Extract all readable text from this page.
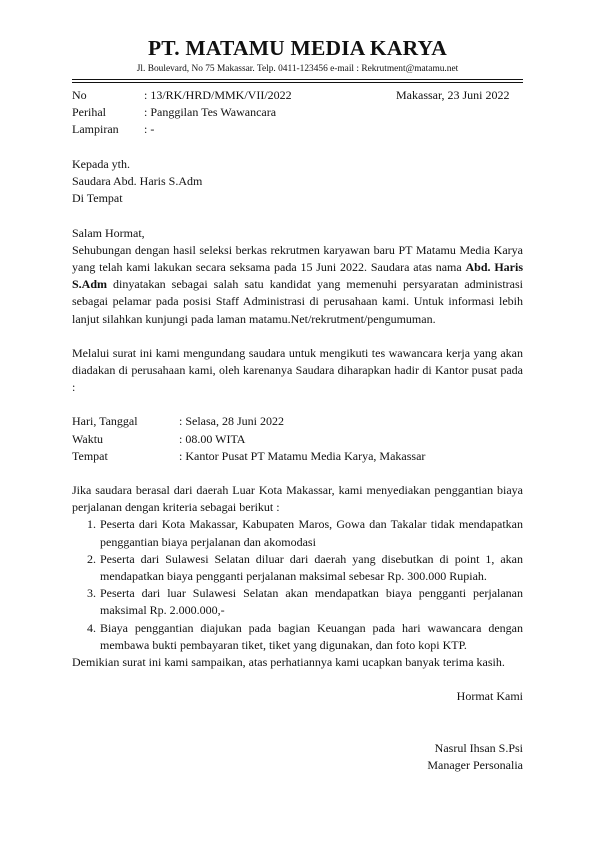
PT. MATAMU MEDIA KARYA
Jl. Boulevard, No 75 Makassar. Telp. 0411-123456 e-mail : Rekrutment@matamu.net
No	: 13/RK/HRD/MMK/VII/2022	Makassar, 23 Juni 2022
Perihal	: Panggilan Tes Wawancara
Lampiran	: -
Kepada yth.
Saudara Abd. Haris S.Adm
Di Tempat
Salam Hormat,
Sehubungan dengan hasil seleksi berkas rekrutmen karyawan baru PT Matamu Media Karya yang telah kami lakukan secara seksama pada 15 Juni 2022. Saudara atas nama Abd. Haris S.Adm dinyatakan sebagai salah satu kandidat yang memenuhi persyaratan administrasi sebagai pelamar pada posisi Staff Administrasi di perusahaan kami. Untuk informasi lebih lanjut silahkan kunjungi pada laman matamu.Net/rekrutment/pengumuman.
Melalui surat ini kami mengundang saudara untuk mengikuti tes wawancara kerja yang akan diadakan di perusahaan kami, oleh karenanya Saudara diharapkan hadir di Kantor pusat pada :
Hari, Tanggal	: Selasa, 28 Juni 2022
Waktu	: 08.00 WITA
Tempat	: Kantor Pusat PT Matamu Media Karya, Makassar
Jika saudara berasal dari daerah Luar Kota Makassar, kami menyediakan penggantian biaya perjalanan dengan kriteria sebagai berikut :
1. Peserta dari Kota Makassar, Kabupaten Maros, Gowa dan Takalar tidak mendapatkan penggantian biaya perjalanan dan akomodasi
2. Peserta dari Sulawesi Selatan diluar dari daerah yang disebutkan di point 1, akan mendapatkan biaya pengganti perjalanan maksimal sebesar Rp. 300.000 Rupiah.
3. Peserta dari luar Sulawesi Selatan akan mendapatkan biaya pengganti perjalanan maksimal Rp. 2.000.000,-
4. Biaya penggantian diajukan pada bagian Keuangan pada hari wawancara dengan membawa bukti pembayaran tiket, tiket yang digunakan, dan foto kopi KTP.
Demikian surat ini kami sampaikan, atas perhatiannya kami ucapkan banyak terima kasih.
Hormat Kami
Nasrul Ihsan S.Psi
Manager Personalia
